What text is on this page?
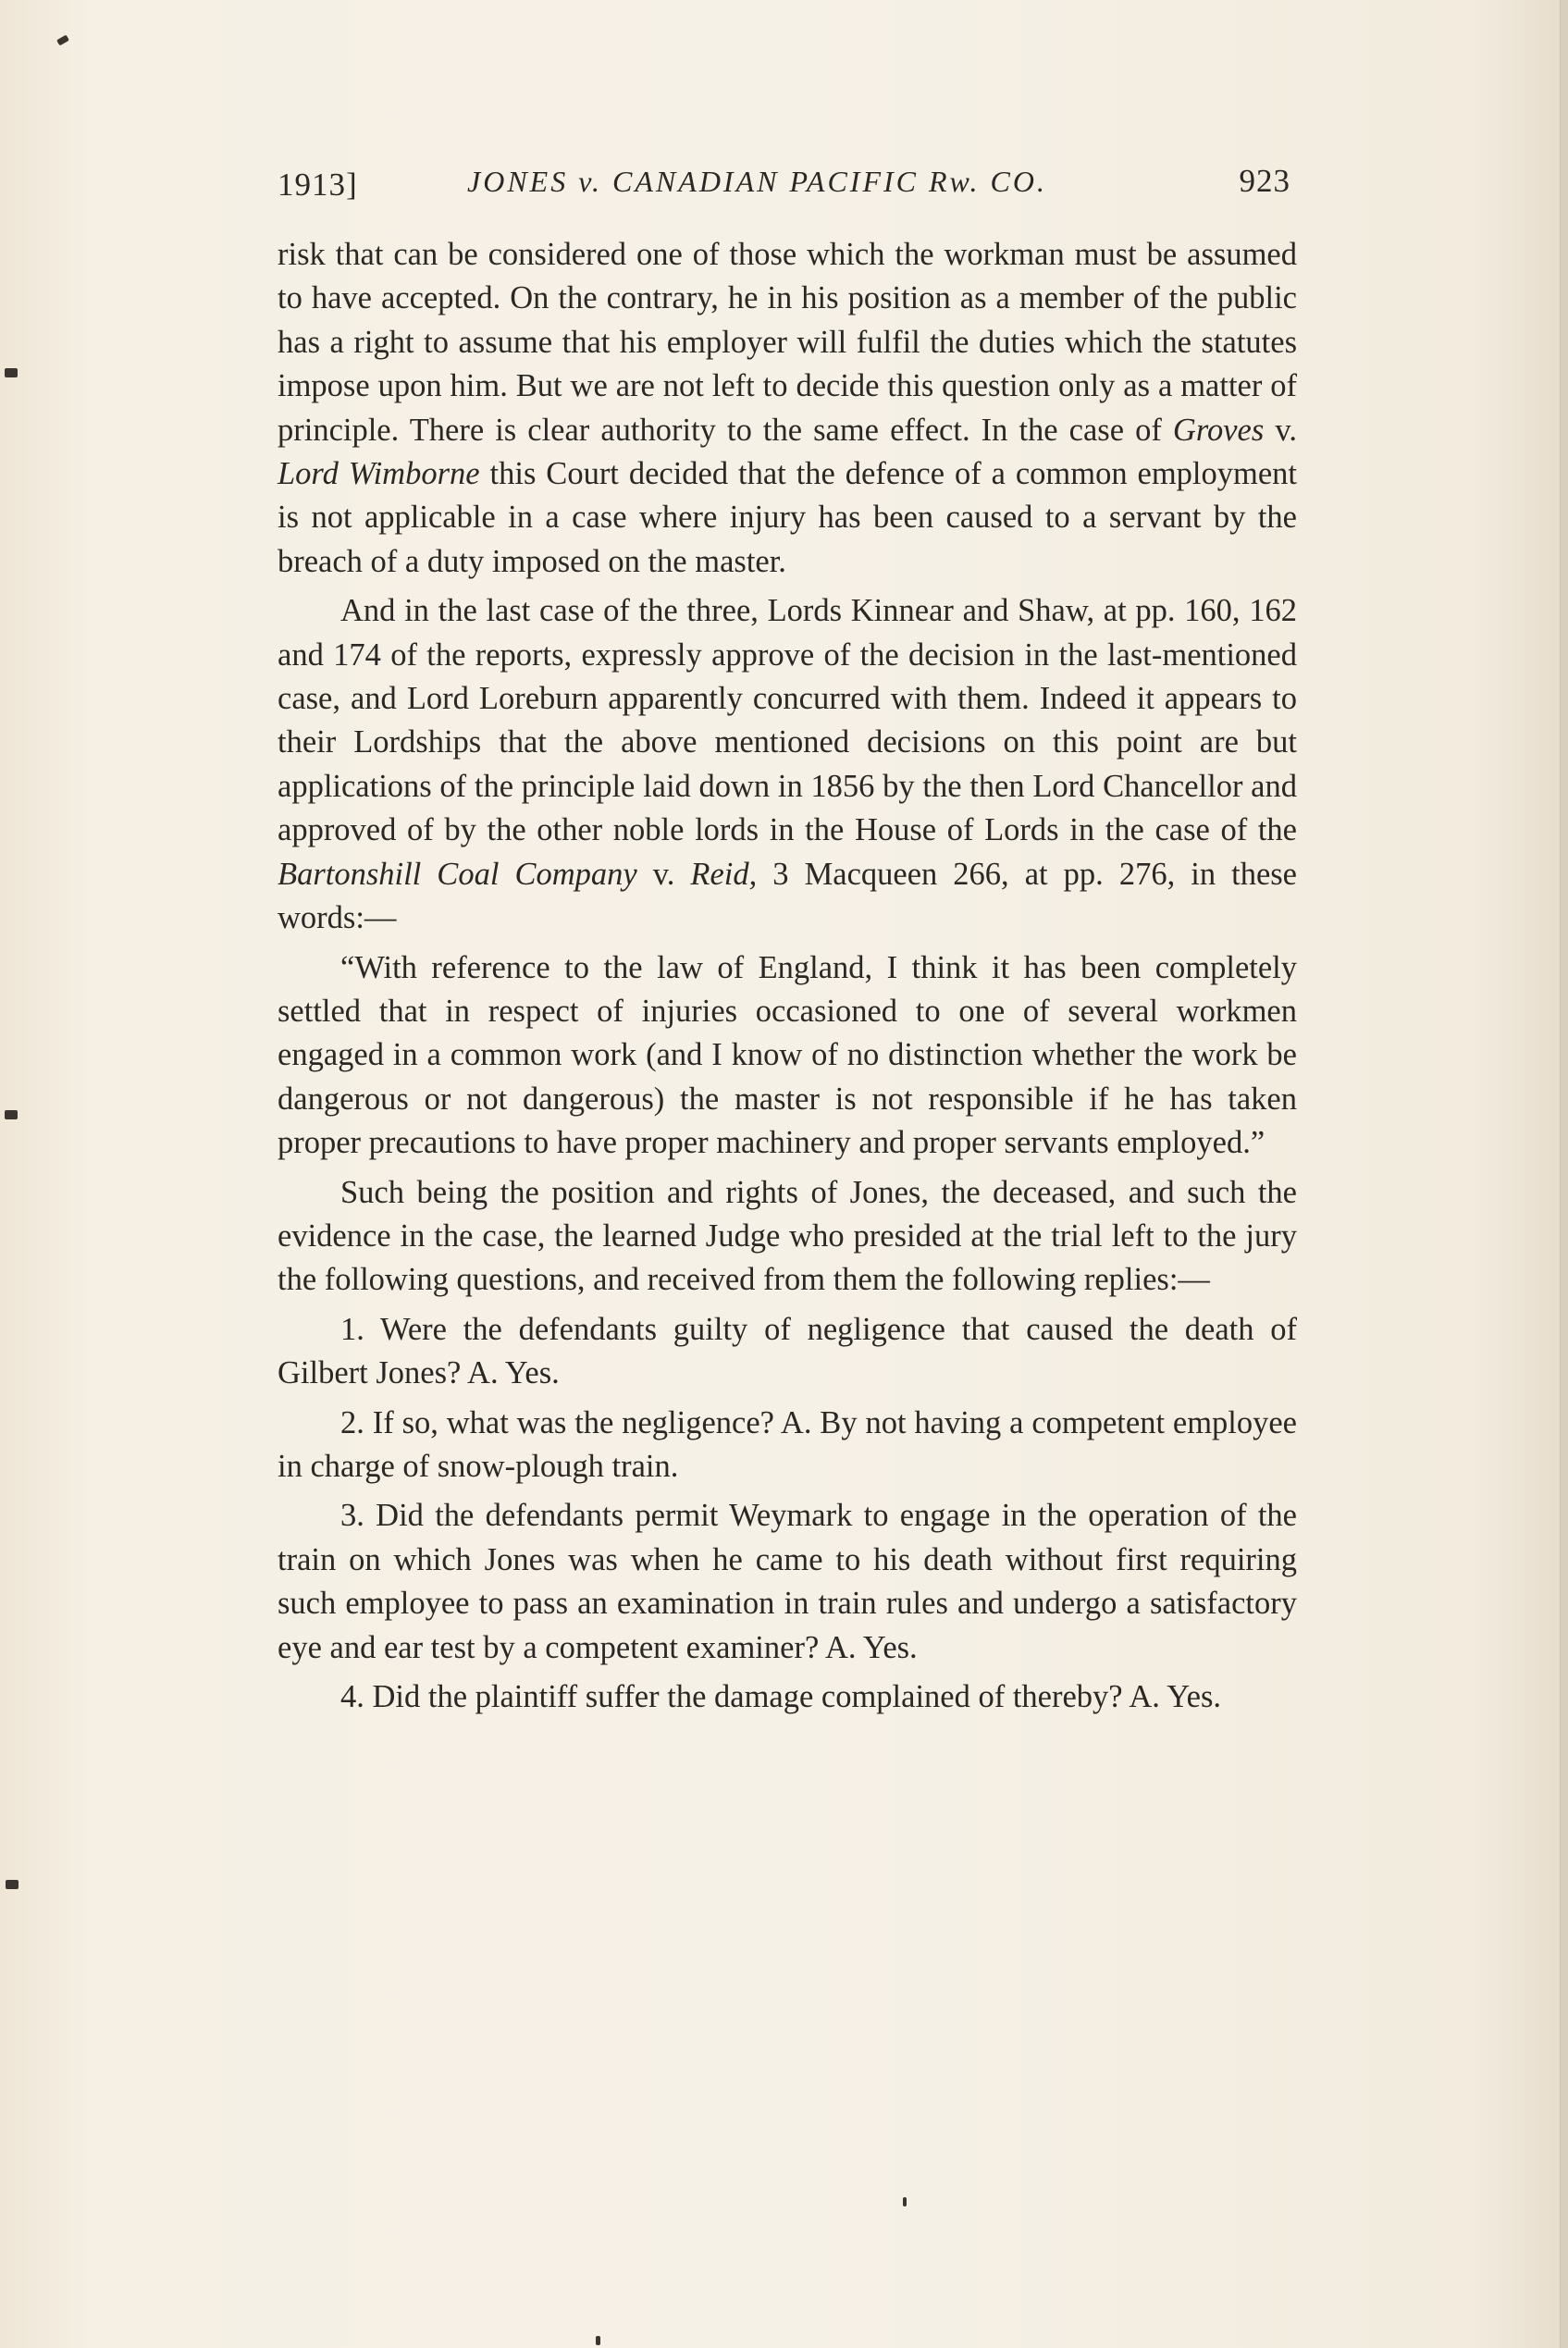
1913]	JONES v. CANADIAN PACIFIC Rw. CO.	923

risk that can be considered one of those which the workman must be assumed to have accepted. On the contrary, he in his position as a member of the public has a right to assume that his employer will fulfil the duties which the statutes impose upon him. But we are not left to decide this question only as a matter of principle. There is clear authority to the same effect. In the case of Groves v. Lord Wimborne this Court decided that the defence of a common employment is not applicable in a case where injury has been caused to a servant by the breach of a duty imposed on the master.

And in the last case of the three, Lords Kinnear and Shaw, at pp. 160, 162 and 174 of the reports, expressly approve of the decision in the last-mentioned case, and Lord Loreburn apparently concurred with them. Indeed it appears to their Lordships that the above mentioned decisions on this point are but applications of the principle laid down in 1856 by the then Lord Chancellor and approved of by the other noble lords in the House of Lords in the case of the Bartonshill Coal Company v. Reid, 3 Macqueen 266, at pp. 276, in these words:—

“With reference to the law of England, I think it has been completely settled that in respect of injuries occasioned to one of several workmen engaged in a common work (and I know of no distinction whether the work be dangerous or not dangerous) the master is not responsible if he has taken proper precautions to have proper machinery and proper servants employed.”

Such being the position and rights of Jones, the deceased, and such the evidence in the case, the learned Judge who presided at the trial left to the jury the following questions, and received from them the following replies:—

1. Were the defendants guilty of negligence that caused the death of Gilbert Jones? A. Yes.

2. If so, what was the negligence? A. By not having a competent employee in charge of snow-plough train.

3. Did the defendants permit Weymark to engage in the operation of the train on which Jones was when he came to his death without first requiring such employee to pass an examination in train rules and undergo a satisfactory eye and ear test by a competent examiner? A. Yes.

4. Did the plaintiff suffer the damage complained of thereby? A. Yes.
